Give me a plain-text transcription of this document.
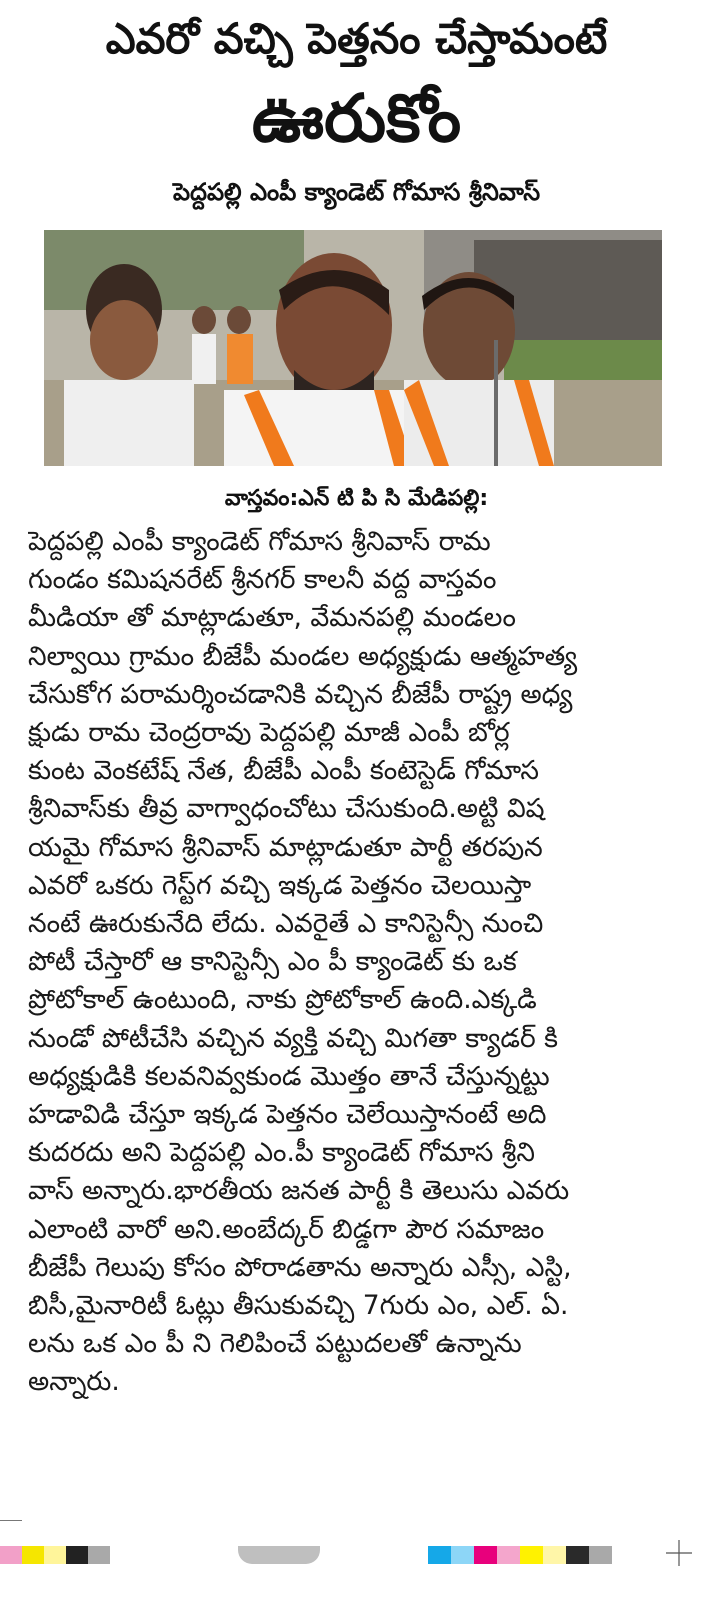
ఎవరో వచ్చి పెత్తనం చేస్తామంటే
ఊరుకోం
పెద్దపల్లి ఎంపీ క్యాండెట్ గోమాస శ్రీనివాస్
వాస్తవం:ఎన్ టి పి సి మేడిపల్లి:
పెద్దపల్లి ఎంపీ క్యాండెట్ గోమాస శ్రీనివాస్ రామ
గుండం కమిషనరేట్ శ్రీనగర్ కాలనీ వద్ద వాస్తవం
మీడియా తో మాట్లాడుతూ, వేమనపల్లి మండలం
నిల్వాయి గ్రామం బీజేపీ మండల అధ్యక్షుడు ఆత్మహత్య
చేసుకోగ పరామర్శించడానికి వచ్చిన బీజేపీ రాష్ట్ర అధ్య
క్షుడు రామ చెంద్రరావు పెద్దపల్లి మాజీ ఎంపీ బోర్ల
కుంట వెంకటేష్ నేత, బీజేపీ ఎంపీ కంటెస్టెడ్ గోమాస
శ్రీనివాస్‌కు తీవ్ర వాగ్వాధంచోటు చేసుకుంది.అట్టి విష
యమై గోమాస శ్రీనివాస్ మాట్లాడుతూ పార్టీ తరపున
ఎవరో ఒకరు గెస్ట్‌గ వచ్చి ఇక్కడ పెత్తనం చెలయిస్తా
నంటే ఊరుకునేది లేదు. ఎవరైతే ఎ కానిస్టెన్సీ నుంచి
పోటీ చేస్తారో ఆ కానిస్టెన్సీ ఎం పీ క్యాండెట్ కు ఒక
ప్రోటోకాల్ ఉంటుంది, నాకు ప్రోటోకాల్ ఉంది.ఎక్కడి
నుండో పోటీచేసి వచ్చిన వ్యక్తి వచ్చి మిగతా క్యాడర్ కి
అధ్యక్షుడికి కలవనివ్వకుండ మొత్తం తానే చేస్తున్నట్టు
హడావిడి చేస్తూ ఇక్కడ పెత్తనం చెలేయిస్తానంటే అది
కుదరదు అని పెద్దపల్లి ఎం.పీ క్యాండెట్ గోమాస శ్రీని
వాస్ అన్నారు.భారతీయ జనత పార్టీ కి తెలుసు ఎవరు
ఎలాంటి వారో అని.అంబేద్కర్ బిడ్డగా పౌర సమాజం
బీజేపీ గెలుపు కోసం పోరాడతాను అన్నారు ఎస్సీ, ఎస్టి,
బిసీ,మైనారిటీ ఓట్లు తీసుకువచ్చి 7గురు ఎం, ఎల్. ఏ.
లను ఒక ఎం పీ ని గెలిపించే పట్టుదలతో ఉన్నాను
అన్నారు.
